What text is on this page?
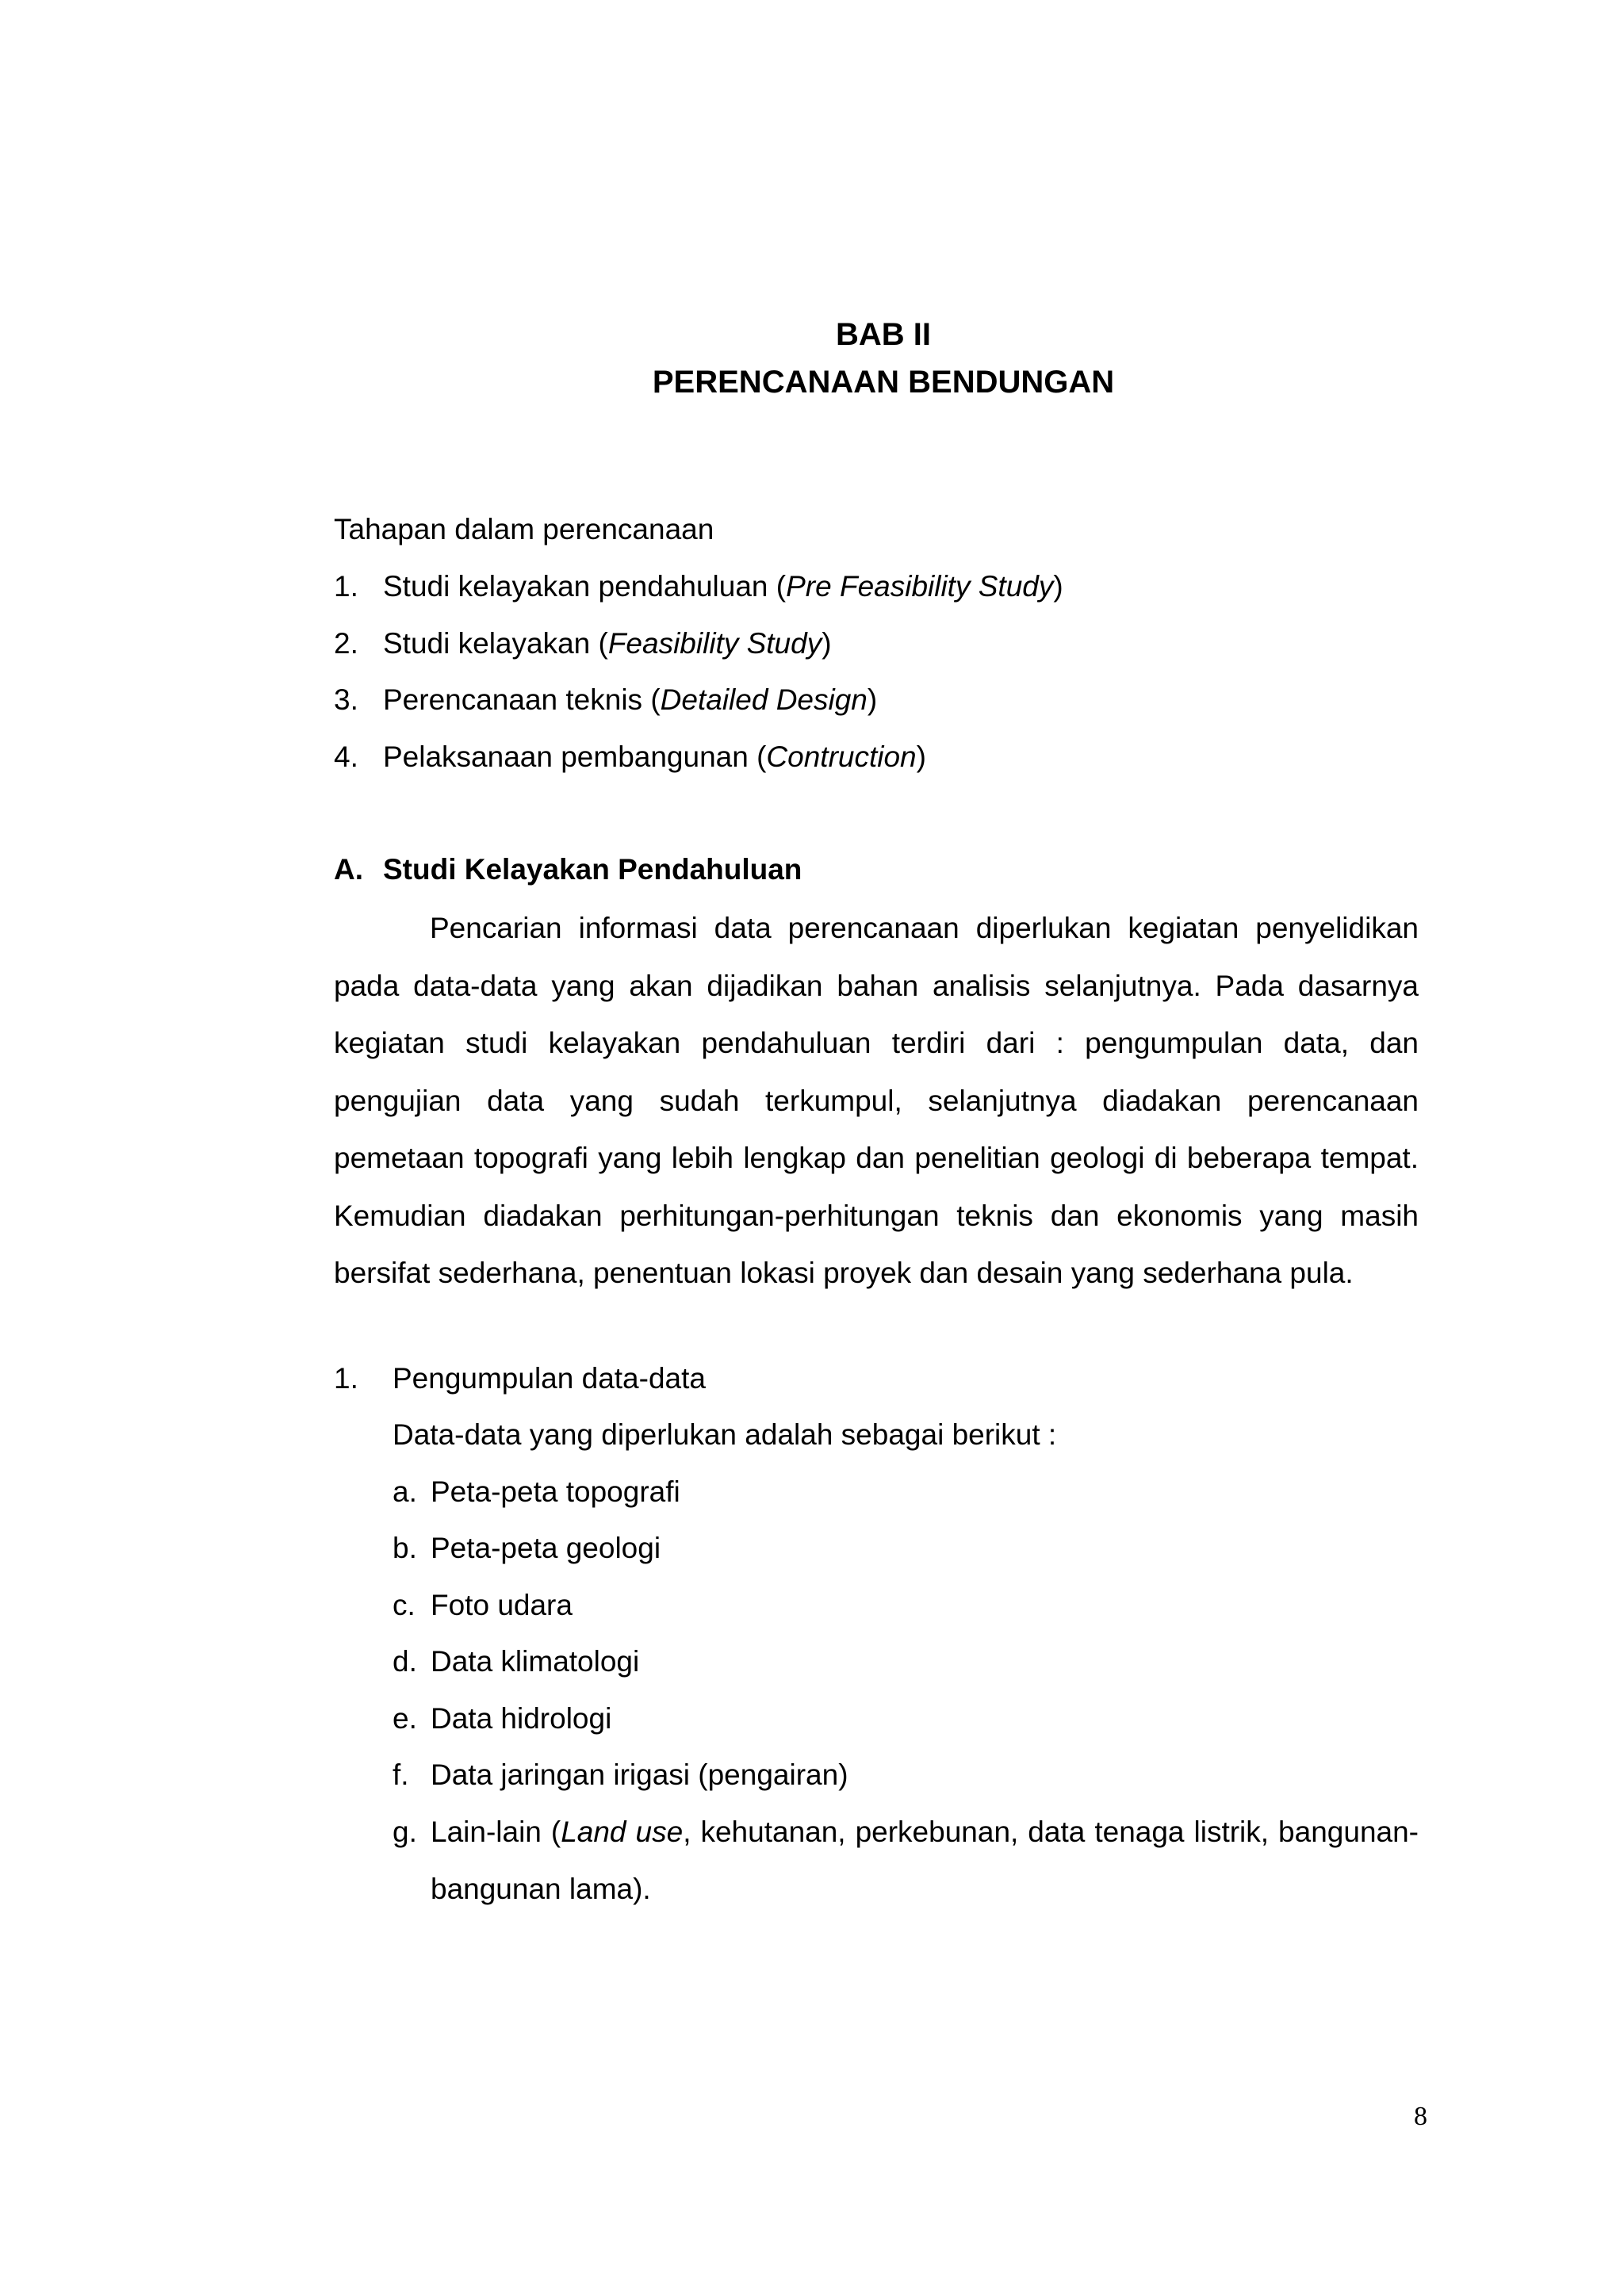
BAB II
PERENCANAAN BENDUNGAN
Tahapan dalam perencanaan
1. Studi kelayakan pendahuluan (Pre Feasibility Study)
2. Studi kelayakan (Feasibility Study)
3. Perencanaan teknis (Detailed Design)
4. Pelaksanaan pembangunan (Contruction)
A. Studi Kelayakan Pendahuluan
Pencarian informasi data perencanaan diperlukan kegiatan penyelidikan pada data-data yang akan dijadikan bahan analisis selanjutnya. Pada dasarnya kegiatan studi kelayakan pendahuluan terdiri dari : pengumpulan data, dan pengujian data yang sudah terkumpul, selanjutnya diadakan perencanaan pemetaan topografi yang lebih lengkap dan penelitian geologi di beberapa tempat. Kemudian diadakan perhitungan-perhitungan teknis dan ekonomis yang masih bersifat sederhana, penentuan lokasi proyek dan desain yang sederhana pula.
1. Pengumpulan data-data
Data-data yang diperlukan adalah sebagai berikut :
a. Peta-peta topografi
b. Peta-peta geologi
c. Foto udara
d. Data klimatologi
e. Data hidrologi
f. Data jaringan irigasi (pengairan)
g. Lain-lain (Land use, kehutanan, perkebunan, data tenaga listrik, bangunan-bangunan lama).
8
